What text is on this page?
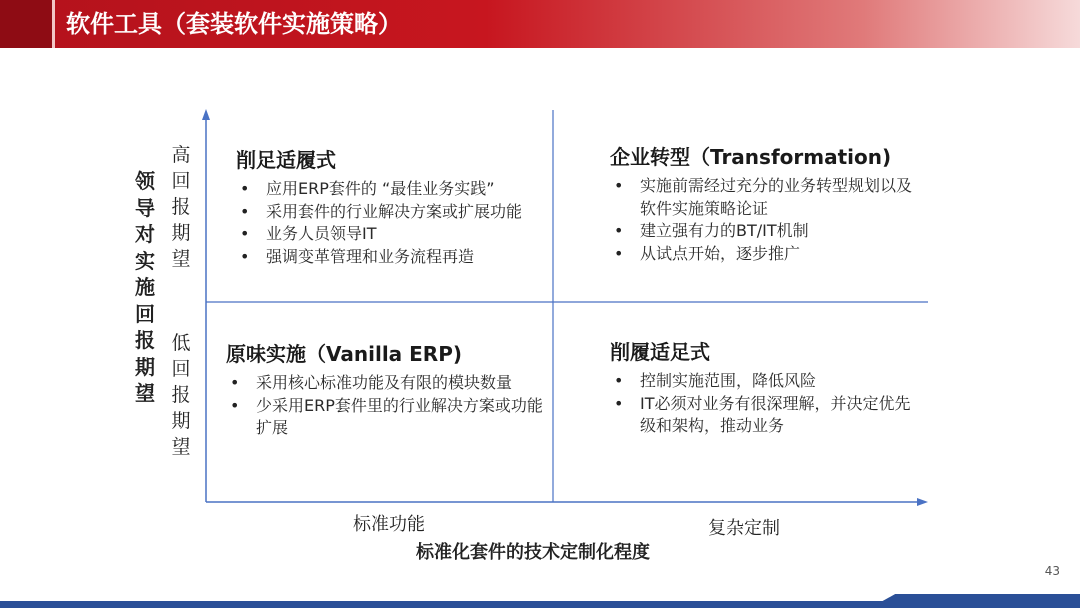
软件工具（套装软件实施策略）
领
导
对
实
施
回
报
期
望
高
回
报
期
望
低
回
报
期
望
削足适履式
• 应用ERP套件的 “最佳业务实践”
• 采用套件的行业解决方案或扩展功能
• 业务人员领导IT
• 强调变革管理和业务流程再造
企业转型（Transformation)
• 实施前需经过充分的业务转型规划以及软件实施策略论证
• 建立强有力的BT/IT机制
• 从试点开始，逐步推广
原味实施（Vanilla ERP)
• 采用核心标准功能及有限的模块数量
• 少采用ERP套件里的行业解决方案或功能扩展
削履适足式
• 控制实施范围，降低风险
• IT必须对业务有很深理解，并决定优先级和架构，推动业务
标准功能	复杂定制
标准化套件的技术定制化程度
43
